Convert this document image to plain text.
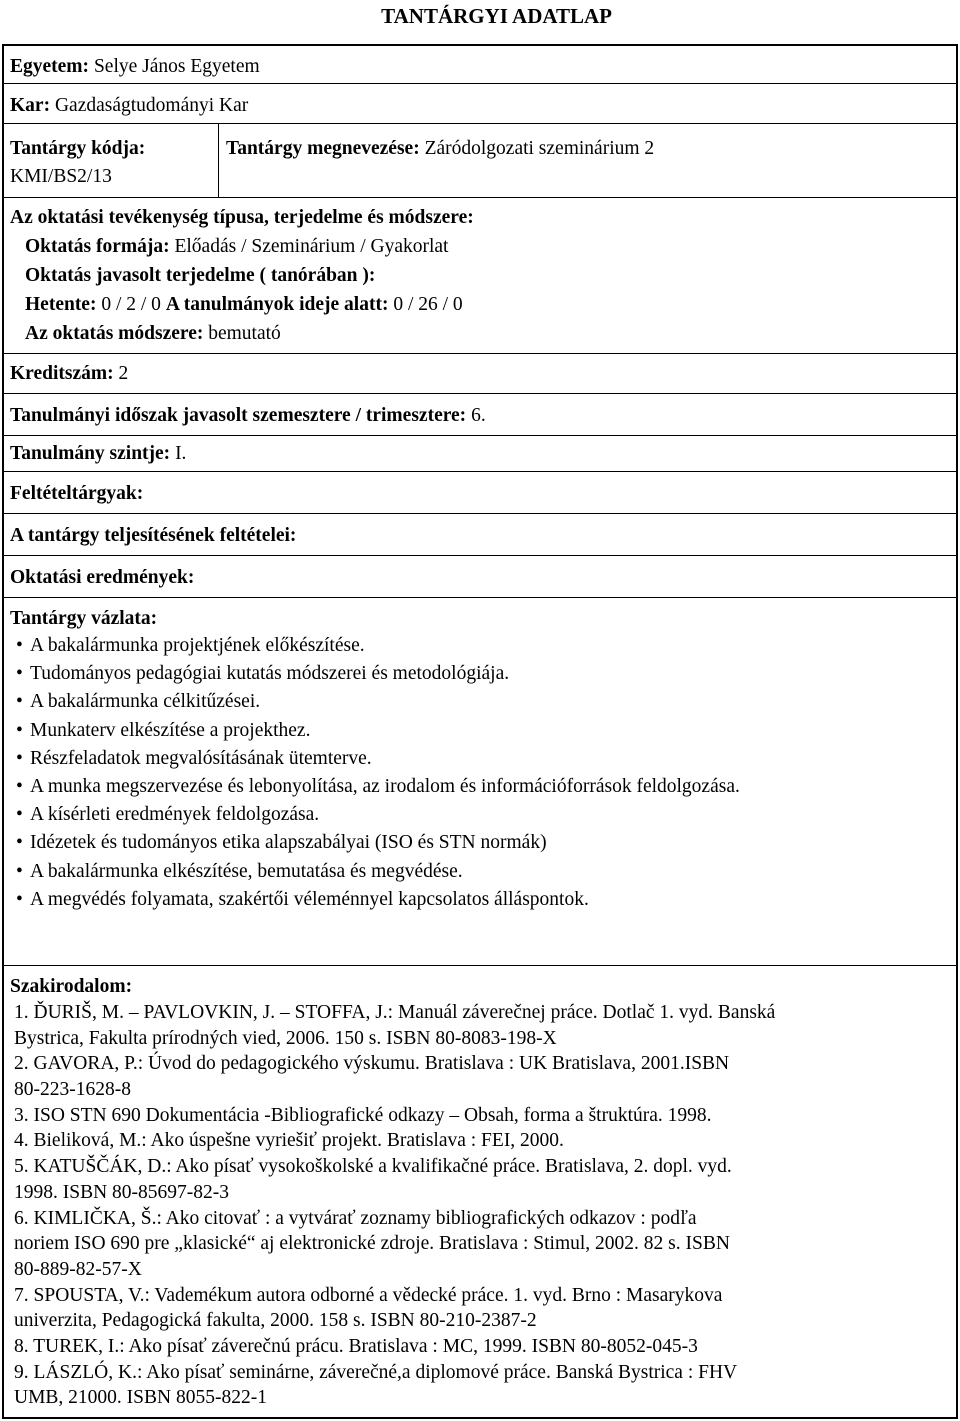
TANTÁRGYI ADATLAP
Egyetem: Selye János Egyetem
Kar: Gazdaságtudományi Kar
Tantárgy kódja:
KMI/BS2/13
Tantárgy megnevezése: Záródolgozati szeminárium 2
Az oktatási tevékenység típusa, terjedelme és módszere:
Oktatás formája: Előadás / Szeminárium / Gyakorlat
Oktatás javasolt terjedelme ( tanórában ):
Hetente: 0 / 2 / 0 A tanulmányok ideje alatt: 0 / 26 / 0
Az oktatás módszere: bemutató
Kreditszám: 2
Tanulmányi időszak javasolt szemesztere / trimesztere: 6.
Tanulmány szintje: I.
Feltételtárgyak:
A tantárgy teljesítésének feltételei:
Oktatási eredmények:
Tantárgy vázlata:
• A bakalármunka projektjének előkészítése.
• Tudományos pedagógiai kutatás módszerei és metodológiája.
• A bakalármunka célkitűzései.
• Munkaterv elkészítése a projekthez.
• Részfeladatok megvalósításának ütemterve.
• A munka megszervezése és lebonyolítása, az irodalom és információforrások feldolgozása.
• A kísérleti eredmények feldolgozása.
• Idézetek és tudományos etika alapszabályai (ISO és STN normák)
• A bakalármunka elkészítése, bemutatása és megvédése.
• A megvédés folyamata, szakértői véleménnyel kapcsolatos álláspontok.
Szakirodalom:
1. ĎURIŠ, M. – PAVLOVKIN, J. – STOFFA, J.: Manuál záverečnej práce. Dotlač 1. vyd. Banská
Bystrica, Fakulta prírodných vied, 2006. 150 s. ISBN 80-8083-198-X
2. GAVORA, P.: Úvod do pedagogického výskumu. Bratislava : UK Bratislava, 2001.ISBN
80-223-1628-8
3. ISO STN 690 Dokumentácia -Bibliografické odkazy – Obsah, forma a štruktúra. 1998.
4. Bieliková, M.: Ako úspešne vyriešiť projekt. Bratislava : FEI, 2000.
5. KATUŠČÁK, D.: Ako písať vysokoškolské a kvalifikačné práce. Bratislava, 2. dopl. vyd.
1998. ISBN 80-85697-82-3
6. KIMLIČKA, Š.: Ako citovať : a vytvárať zoznamy bibliografických odkazov : podľa
noriem ISO 690 pre „klasické“ aj elektronické zdroje. Bratislava : Stimul, 2002. 82 s. ISBN
80-889-82-57-X
7. SPOUSTA, V.: Vademékum autora odborné a vědecké práce. 1. vyd. Brno : Masarykova
univerzita, Pedagogická fakulta, 2000. 158 s. ISBN 80-210-2387-2
8. TUREK, I.: Ako písať záverečnú prácu. Bratislava : MC, 1999. ISBN 80-8052-045-3
9. LÁSZLÓ, K.: Ako písať seminárne, záverečné,a diplomové práce. Banská Bystrica : FHV
UMB, 21000. ISBN 8055-822-1
